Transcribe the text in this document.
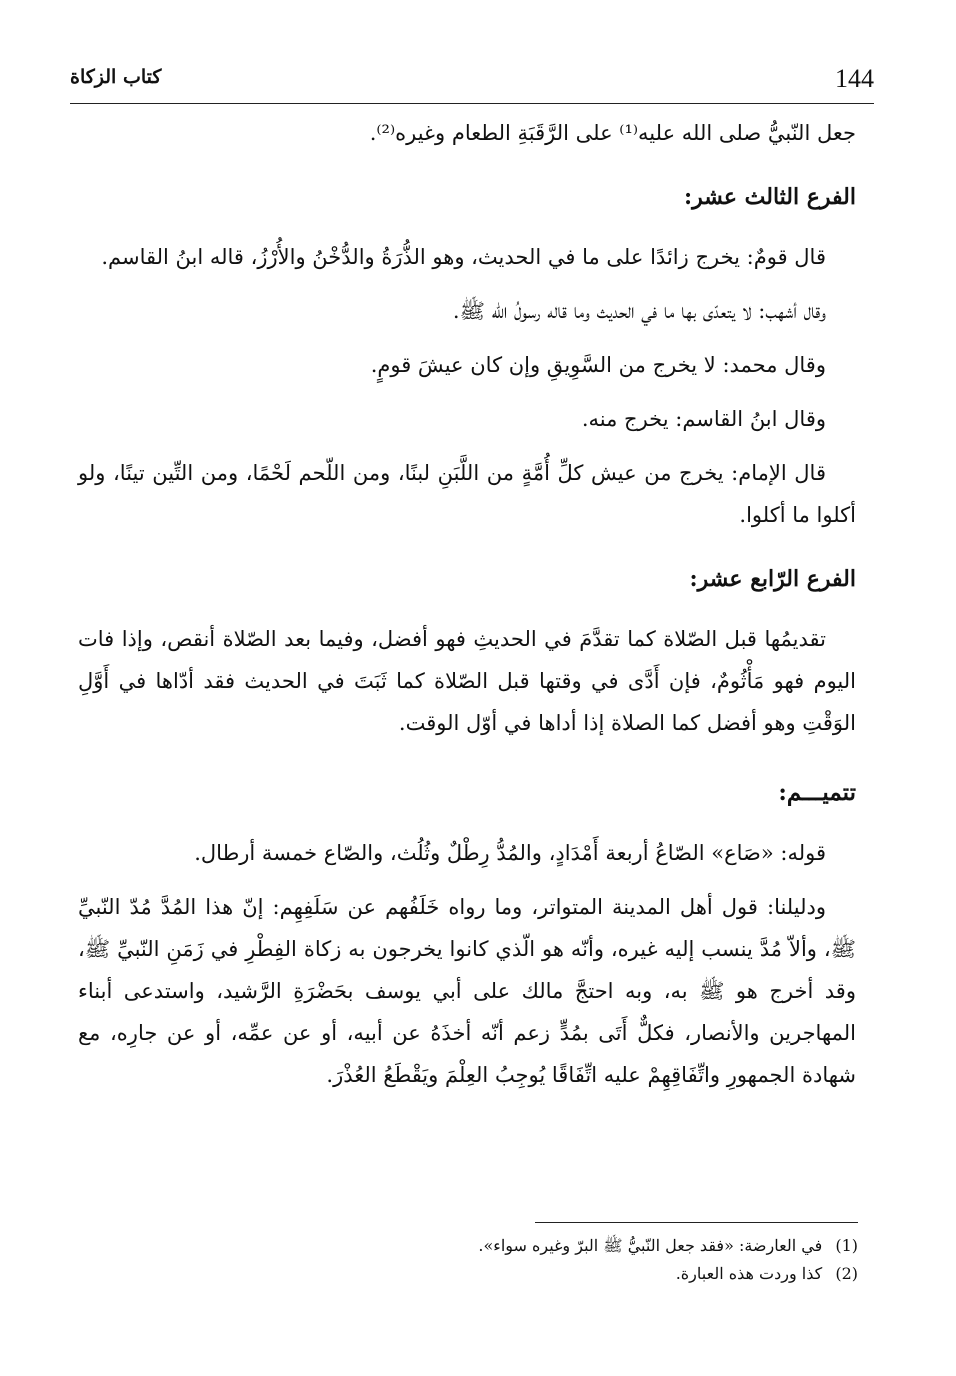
144
كتاب الزكاة

جعل النّبيُّ صلى الله عليه⁽¹⁾ على الرَّقَبَةِ الطعام وغيره⁽²⁾.

الفرع الثالث عشر:

قال قومٌ: يخرج زائدًا على ما في الحديث، وهو الذُّرَةُ والدُّخْنُ والأُرْزُ، قاله ابنُ القاسم.

وقال أشهب: لا يتعدّى بها ما في الحديث وما قاله رسولُ الله ﷺ.

وقال محمد: لا يخرج من السَّوِيقِ وإن كان عيشَ قومٍ.

وقال ابنُ القاسم: يخرج منه.

قال الإمام: يخرج من عيش كلِّ أُمَّةٍ من اللَّبَنِ لبنًا، ومن اللّحم لَحْمًا، ومن التِّين تينًا، ولو أكلوا ما أكلوا.

الفرع الرّابع عشر:

تقديمُها قبل الصّلاة كما تقدَّمَ في الحديثِ فهو أفضل، وفيما بعد الصّلاة أنقص، وإذا فات اليوم فهو مَأْثُومٌ، فإن أَدَّى في وقتها قبل الصّلاة كما ثَبَتَ في الحديث فقد أدّاها في أَوَّلِ الوَقْتِ وهو أفضل كما الصلاة إذا أداها في أوّل الوقت.

تتميـــم:

قوله: «صَاع» الصّاعُ أربعة أَمْدَادٍ، والمُدُّ رِطْلٌ وثُلُث، والصّاع خمسة أرطال.

ودليلنا: قول أهل المدينة المتواتر، وما رواه خَلَفُهم عن سَلَفِهِم: إنّ هذا المُدَّ مُدّ النّبيِّ ﷺ، وألاّ مُدَّ ينسب إليه غيره، وأنّه هو الّذي كانوا يخرجون به زكاة الفِطْرِ في زَمَنِ النّبيِّ ﷺ، وقد أخرج هو ﷺ به، وبه احتجَّ مالك على أبي يوسف بحَضْرَةِ الرَّشيد، واستدعى أبناء المهاجرين والأنصار، فكلٌّ أَتَى بمُدٍّ زعم أنّه أخذَهُ عن أبيه، أو عن عمِّه، أو عن جارِه، مع شهادة الجمهورِ واتِّفَاقِهِمْ عليه اتِّفَاقًا يُوجِبُ العِلْمَ ويَقْطَعُ العُذْرَ.

(1) في العارضة: «فقد جعل النّبيُّ ﷺ البرّ وغيره سواء».

(2) كذا وردت هذه العبارة.
